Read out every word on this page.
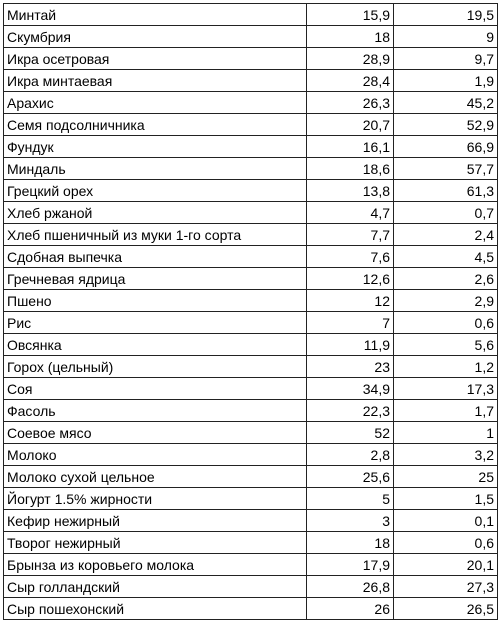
Минтай	15,9	19,5
Скумбрия	18	9
Икра осетровая	28,9	9,7
Икра минтаевая	28,4	1,9
Арахис	26,3	45,2
Семя подсолничника	20,7	52,9
Фундук	16,1	66,9
Миндаль	18,6	57,7
Грецкий орех	13,8	61,3
Хлеб ржаной	4,7	0,7
Хлеб пшеничный из муки 1-го сорта	7,7	2,4
Сдобная выпечка	7,6	4,5
Гречневая ядрица	12,6	2,6
Пшено	12	2,9
Рис	7	0,6
Овсянка	11,9	5,6
Горох (цельный)	23	1,2
Соя	34,9	17,3
Фасоль	22,3	1,7
Соевое мясо	52	1
Молоко	2,8	3,2
Молоко сухой цельное	25,6	25
Йогурт 1.5% жирности	5	1,5
Кефир нежирный	3	0,1
Творог нежирный	18	0,6
Брынза из коровьего молока	17,9	20,1
Сыр голландский	26,8	27,3
Сыр пошехонский	26	26,5
